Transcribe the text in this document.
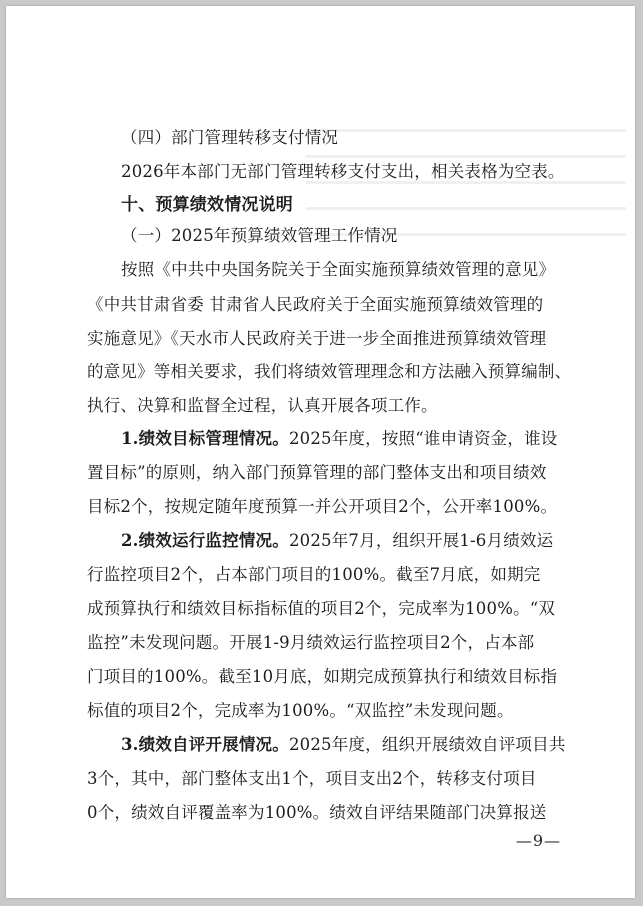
（四）部门管理转移支付情况
2026年本部门无部门管理转移支付支出，相关表格为空表。
十、预算绩效情况说明
（一）2025年预算绩效管理工作情况
按照《中共中央国务院关于全面实施预算绩效管理的意见》
《中共甘肃省委 甘肃省人民政府关于全面实施预算绩效管理的
实施意见》《天水市人民政府关于进一步全面推进预算绩效管理
的意见》等相关要求，我们将绩效管理理念和方法融入预算编制、
执行、决算和监督全过程，认真开展各项工作。
1.绩效目标管理情况。2025年度，按照“谁申请资金，谁设
置目标”的原则，纳入部门预算管理的部门整体支出和项目绩效
目标2个，按规定随年度预算一并公开项目2个，公开率100%。
2.绩效运行监控情况。2025年7月，组织开展1-6月绩效运
行监控项目2个，占本部门项目的100%。截至7月底，如期完
成预算执行和绩效目标指标值的项目2个，完成率为100%。“双
监控”未发现问题。开展1-9月绩效运行监控项目2个，占本部
门项目的100%。截至10月底，如期完成预算执行和绩效目标指
标值的项目2个，完成率为100%。“双监控”未发现问题。
3.绩效自评开展情况。2025年度，组织开展绩效自评项目共
3个，其中，部门整体支出1个，项目支出2个，转移支付项目
0个，绩效自评覆盖率为100%。绩效自评结果随部门决算报送
—9—
